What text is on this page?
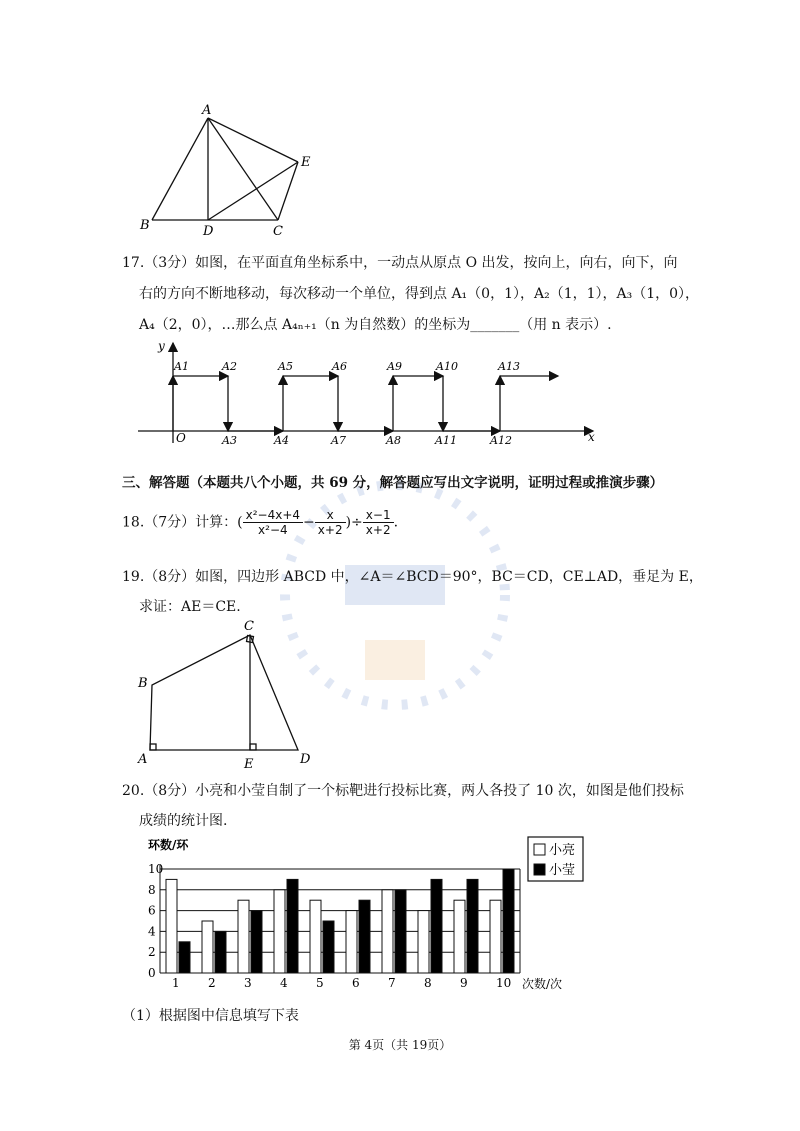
A
B	D	C
E
17.（3分）如图，在平面直角坐标系中，一动点从原点 O 出发，按向上，向右，向下，向
右的方向不断地移动，每次移动一个单位，得到点 A₁（0，1），A₂（1，1），A₃（1，0），
A₄（2，0），…那么点 A₄ₙ₊₁（n 为自然数）的坐标为_______（用 n 表示）.
y
x
O
A1	A2	A5	A6	A9	A10	A13
A3	A4	A7	A8	A11	A12
三、解答题（本题共八个小题，共 69 分，解答题应写出文字说明，证明过程或推演步骤）
18.（7分）计算：( $\frac{\text{x²−4x+4}}{\text{x²−4}} - \frac{x}{x+2}$ )÷ $\frac{x-1}{x+2}$ .
19.（8分）如图，四边形 ABCD 中，∠A＝∠BCD＝90°，BC＝CD，CE⊥AD，垂足为 E，
求证：AE＝CE.
C
B
A	E	D
20.（8分）小亮和小莹自制了一个标靶进行投标比赛，两人各投了 10 次，如图是他们投标
成绩的统计图.
0
2
4
6
8
10
环数/环
次数/次
1 2 3 4 5 6 7 8 9 10
小亮
小莹
（1）根据图中信息填写下表
第 4页（共 19页）
